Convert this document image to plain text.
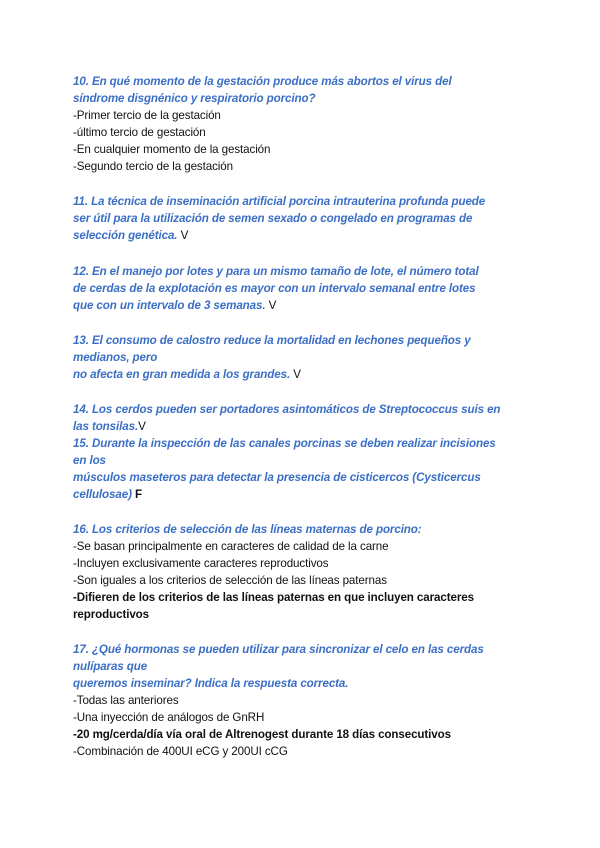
10. En qué momento de la gestación produce más abortos el virus del
síndrome disgnénico y respiratorio porcino?
-Primer tercio de la gestación
-último tercio de gestación
-En cualquier momento de la gestación
-Segundo tercio de la gestación
11. La técnica de inseminación artificial porcina intrauterina profunda puede
ser útil para la utilización de semen sexado o congelado en programas de
selección genética. V
12. En el manejo por lotes y para un mismo tamaño de lote, el número total
de cerdas de la explotación es mayor con un intervalo semanal entre lotes
que con un intervalo de 3 semanas. V
13. El consumo de calostro reduce la mortalidad en lechones pequeños y
medianos, pero
no afecta en gran medida a los grandes. V
14. Los cerdos pueden ser portadores asintomáticos de Streptococcus suis en
las tonsilas.V
15. Durante la inspección de las canales porcinas se deben realizar incisiones
en los
músculos maseteros para detectar la presencia de cisticercos (Cysticercus
cellulosae) F
16. Los criterios de selección de las líneas maternas de porcino:
-Se basan principalmente en caracteres de calidad de la carne
-Incluyen exclusivamente caracteres reproductivos
-Son iguales a los criterios de selección de las líneas paternas
-Difieren de los criterios de las líneas paternas en que incluyen caracteres
reproductivos
17. ¿Qué hormonas se pueden utilizar para sincronizar el celo en las cerdas
nulíparas que
queremos inseminar? Indica la respuesta correcta.
-Todas las anteriores
-Una inyección de análogos de GnRH
-20 mg/cerda/día vía oral de Altrenogest durante 18 días consecutivos
-Combinación de 400UI eCG y 200UI cCG
